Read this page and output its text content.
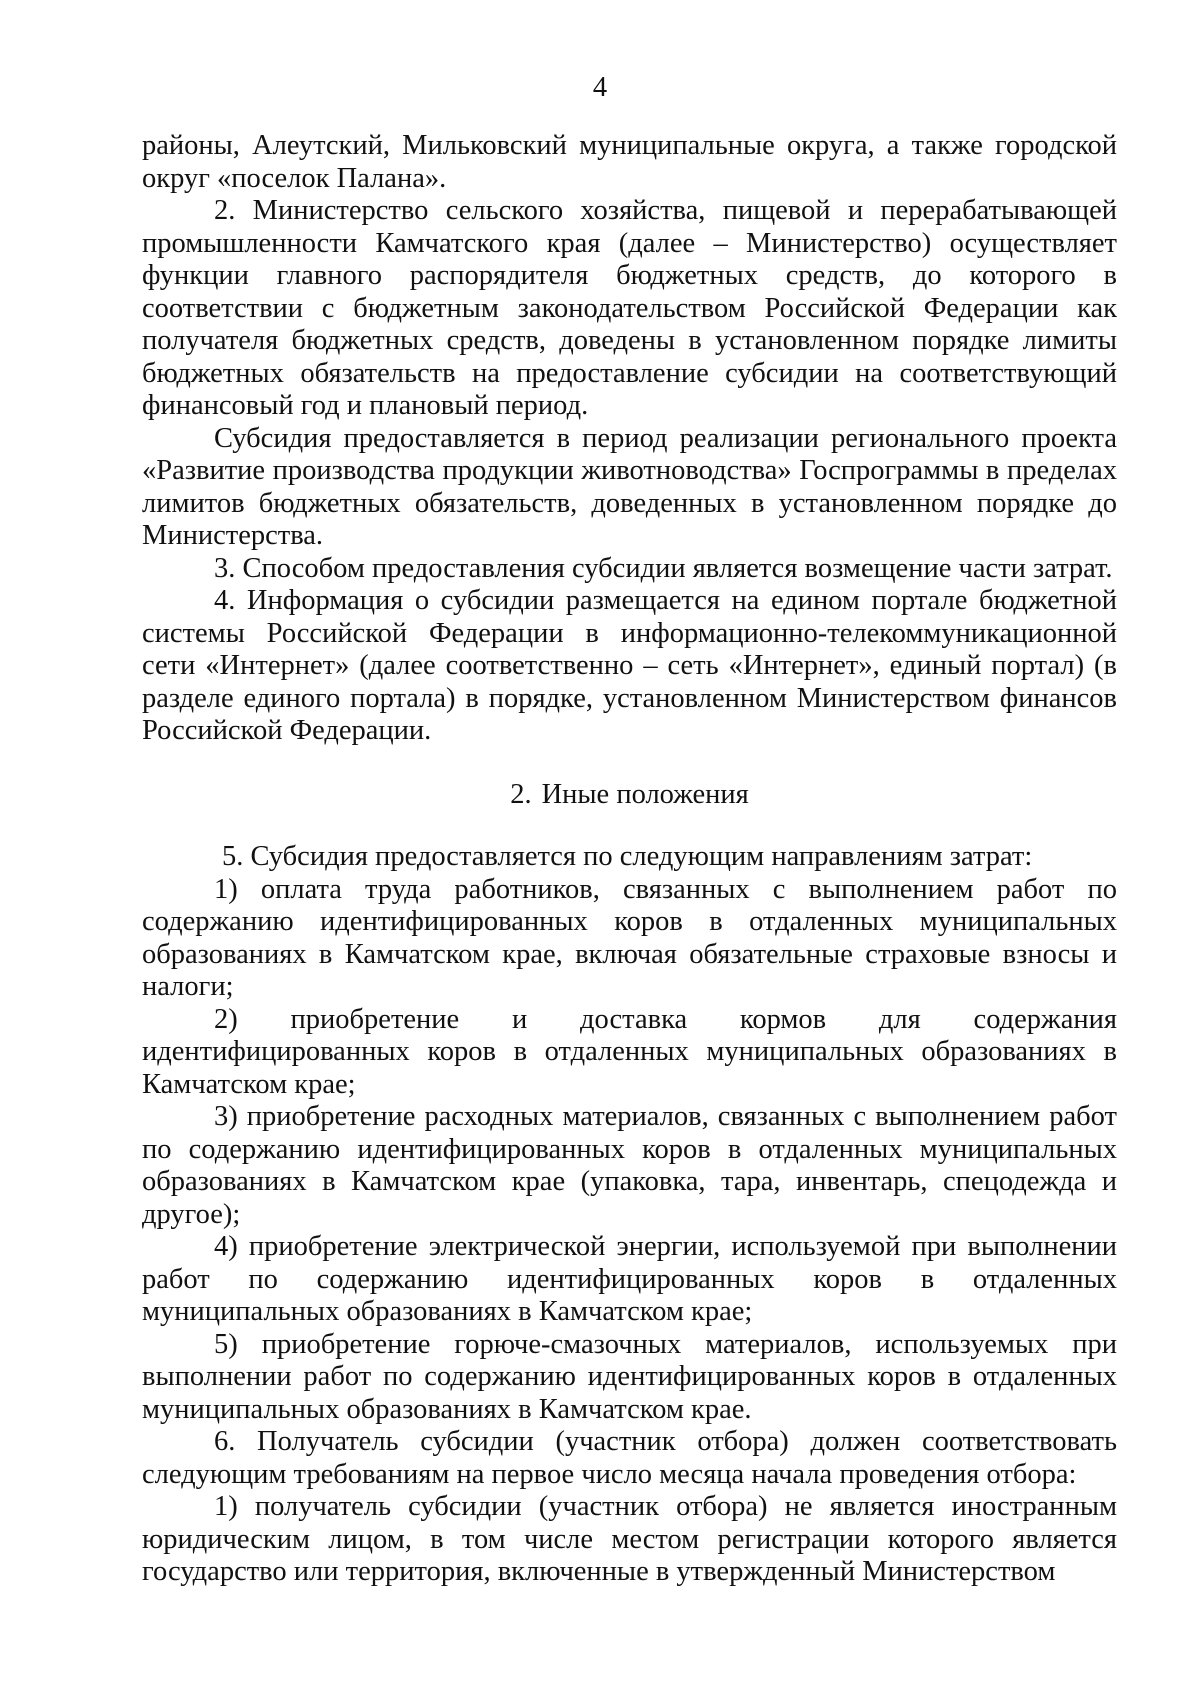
4

районы, Алеутский, Мильковский муниципальные округа, а также городской округ «поселок Палана».

2. Министерство сельского хозяйства, пищевой и перерабатывающей промышленности Камчатского края (далее – Министерство) осуществляет функции главного распорядителя бюджетных средств, до которого в соответствии с бюджетным законодательством Российской Федерации как получателя бюджетных средств, доведены в установленном порядке лимиты бюджетных обязательств на предоставление субсидии на соответствующий финансовый год и плановый период.

Субсидия предоставляется в период реализации регионального проекта «Развитие производства продукции животноводства» Госпрограммы в пределах лимитов бюджетных обязательств, доведенных в установленном порядке до Министерства.

3. Способом предоставления субсидии является возмещение части затрат.

4. Информация о субсидии размещается на едином портале бюджетной системы Российской Федерации в информационно-телекоммуникационной сети «Интернет» (далее соответственно – сеть «Интернет», единый портал) (в разделе единого портала) в порядке, установленном Министерством финансов Российской Федерации.

2. Иные положения

5. Субсидия предоставляется по следующим направлениям затрат:

1) оплата труда работников, связанных с выполнением работ по содержанию идентифицированных коров в отдаленных муниципальных образованиях в Камчатском крае, включая обязательные страховые взносы и налоги;

2) приобретение и доставка кормов для содержания идентифицированных коров в отдаленных муниципальных образованиях в Камчатском крае;

3) приобретение расходных материалов, связанных с выполнением работ по содержанию идентифицированных коров в отдаленных муниципальных образованиях в Камчатском крае (упаковка, тара, инвентарь, спецодежда и другое);

4) приобретение электрической энергии, используемой при выполнении работ по содержанию идентифицированных коров в отдаленных муниципальных образованиях в Камчатском крае;

5) приобретение горюче-смазочных материалов, используемых при выполнении работ по содержанию идентифицированных коров в отдаленных муниципальных образованиях в Камчатском крае.

6. Получатель субсидии (участник отбора) должен соответствовать следующим требованиям на первое число месяца начала проведения отбора:

1) получатель субсидии (участник отбора) не является иностранным юридическим лицом, в том числе местом регистрации которого является государство или территория, включенные в утвержденный Министерством
